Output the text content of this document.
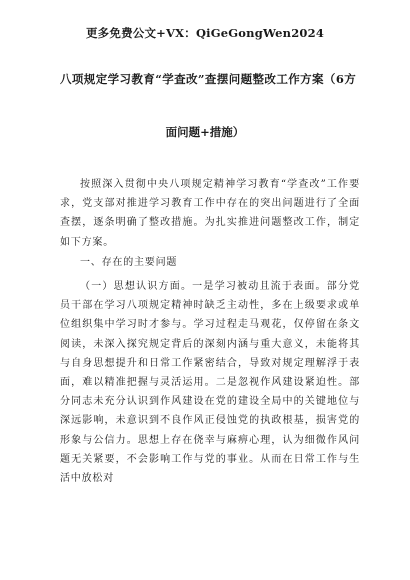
更多免费公文+VX：QiGeGongWen2024
八项规定学习教育“学查改”查摆问题整改工作方案（6方
面问题+措施）

按照深入贯彻中央八项规定精神学习教育“学查改”工作要求，党支部对推进学习教育工作中存在的突出问题进行了全面查摆，逐条明确了整改措施。为扎实推进问题整改工作，制定如下方案。

一、存在的主要问题

（一）思想认识方面。一是学习被动且流于表面。部分党员干部在学习八项规定精神时缺乏主动性，多在上级要求或单位组织集中学习时才参与。学习过程走马观花，仅停留在条文阅读，未深入探究规定背后的深刻内涵与重大意义，未能将其与自身思想提升和日常工作紧密结合，导致对规定理解浮于表面，难以精准把握与灵活运用。二是忽视作风建设紧迫性。部分同志未充分认识到作风建设在党的建设全局中的关键地位与深远影响，未意识到不良作风正侵蚀党的执政根基，损害党的形象与公信力。思想上存在侥幸与麻痹心理，认为细微作风问题无关紧要，不会影响工作与党的事业。从而在日常工作与生活中放松对
